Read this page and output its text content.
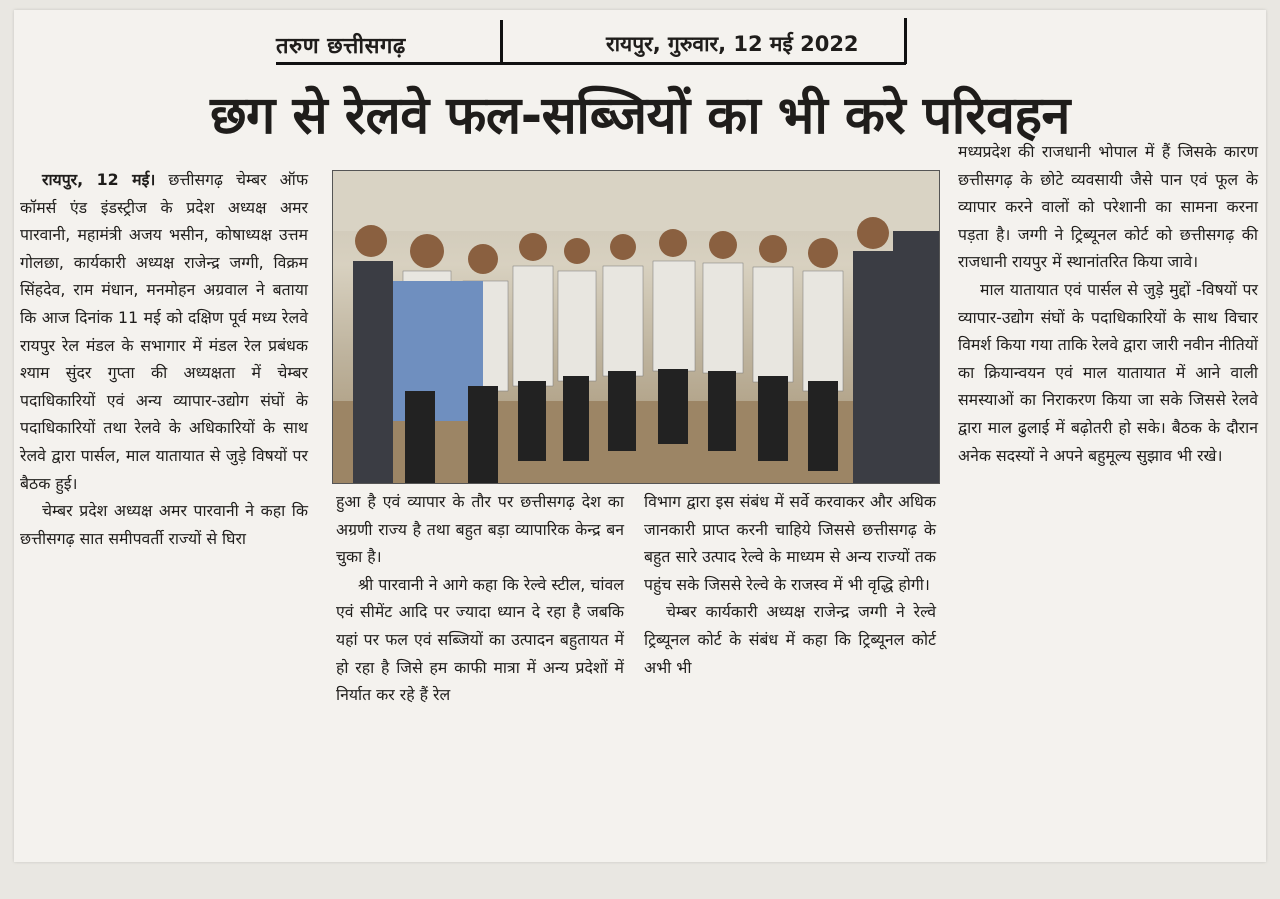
तरुण छत्तीसगढ़	रायपुर, गुरुवार, 12 मई 2022
छग से रेलवे फल-सब्जियों का भी करे परिवहन

रायपुर, 12 मई। छत्तीसगढ़ चेम्बर ऑफ कॉमर्स एंड इंडस्ट्रीज के प्रदेश अध्यक्ष अमर पारवानी, महामंत्री अजय भसीन, कोषाध्यक्ष उत्तम गोलछा, कार्यकारी अध्यक्ष राजेन्द्र जग्गी, विक्रम सिंहदेव, राम मंधान, मनमोहन अग्रवाल ने बताया कि आज दिनांक 11 मई को दक्षिण पूर्व मध्य रेलवे रायपुर रेल मंडल के सभागार में मंडल रेल प्रबंधक श्याम सुंदर गुप्ता की अध्यक्षता में चेम्बर पदाधिकारियों एवं अन्य व्यापार-उद्योग संघों के पदाधिकारियों तथा रेलवे के अधिकारियों के साथ रेलवे द्वारा पार्सल, माल यातायात से जुड़े विषयों पर बैठक हुई।

चेम्बर प्रदेश अध्यक्ष अमर पारवानी ने कहा कि छत्तीसगढ़ सात समीपवर्ती राज्यों से घिरा

हुआ है एवं व्यापार के तौर पर छत्तीसगढ़ देश का अग्रणी राज्य है तथा बहुत बड़ा व्यापारिक केन्द्र बन चुका है।

श्री पारवानी ने आगे कहा कि रेल्वे स्टील, चांवल एवं सीमेंट आदि पर ज्यादा ध्यान दे रहा है जबकि यहां पर फल एवं सब्जियों का उत्पादन बहुतायत में हो रहा है जिसे हम काफी मात्रा में अन्य प्रदेशों में निर्यात कर रहे हैं रेल

विभाग द्वारा इस संबंध में सर्वे करवाकर और अधिक जानकारी प्राप्त करनी चाहिये जिससे छत्तीसगढ़ के बहुत सारे उत्पाद रेल्वे के माध्यम से अन्य राज्यों तक पहुंच सके जिससे रेल्वे के राजस्व में भी वृद्धि होगी।

चेम्बर कार्यकारी अध्यक्ष राजेन्द्र जग्गी ने रेल्वे ट्रिब्यूनल कोर्ट के संबंध में कहा कि ट्रिब्यूनल कोर्ट अभी भी

मध्यप्रदेश की राजधानी भोपाल में हैं जिसके कारण छत्तीसगढ़ के छोटे व्यवसायी जैसे पान एवं फूल के व्यापार करने वालों को परेशानी का सामना करना पड़ता है। जग्गी ने ट्रिब्यूनल कोर्ट को छत्तीसगढ़ की राजधानी रायपुर में स्थानांतरित किया जावे।

माल यातायात एवं पार्सल से जुड़े मुद्दों -विषयों पर व्यापार-उद्योग संघों के पदाधिकारियों के साथ विचार विमर्श किया गया ताकि रेलवे द्वारा जारी नवीन नीतियों का क्रियान्वयन एवं माल यातायात में आने वाली समस्याओं का निराकरण किया जा सके जिससे रेलवे द्वारा माल ढुलाई में बढ़ोतरी हो सके। बैठक के दौरान अनेक सदस्यों ने अपने बहुमूल्य सुझाव भी रखे।
